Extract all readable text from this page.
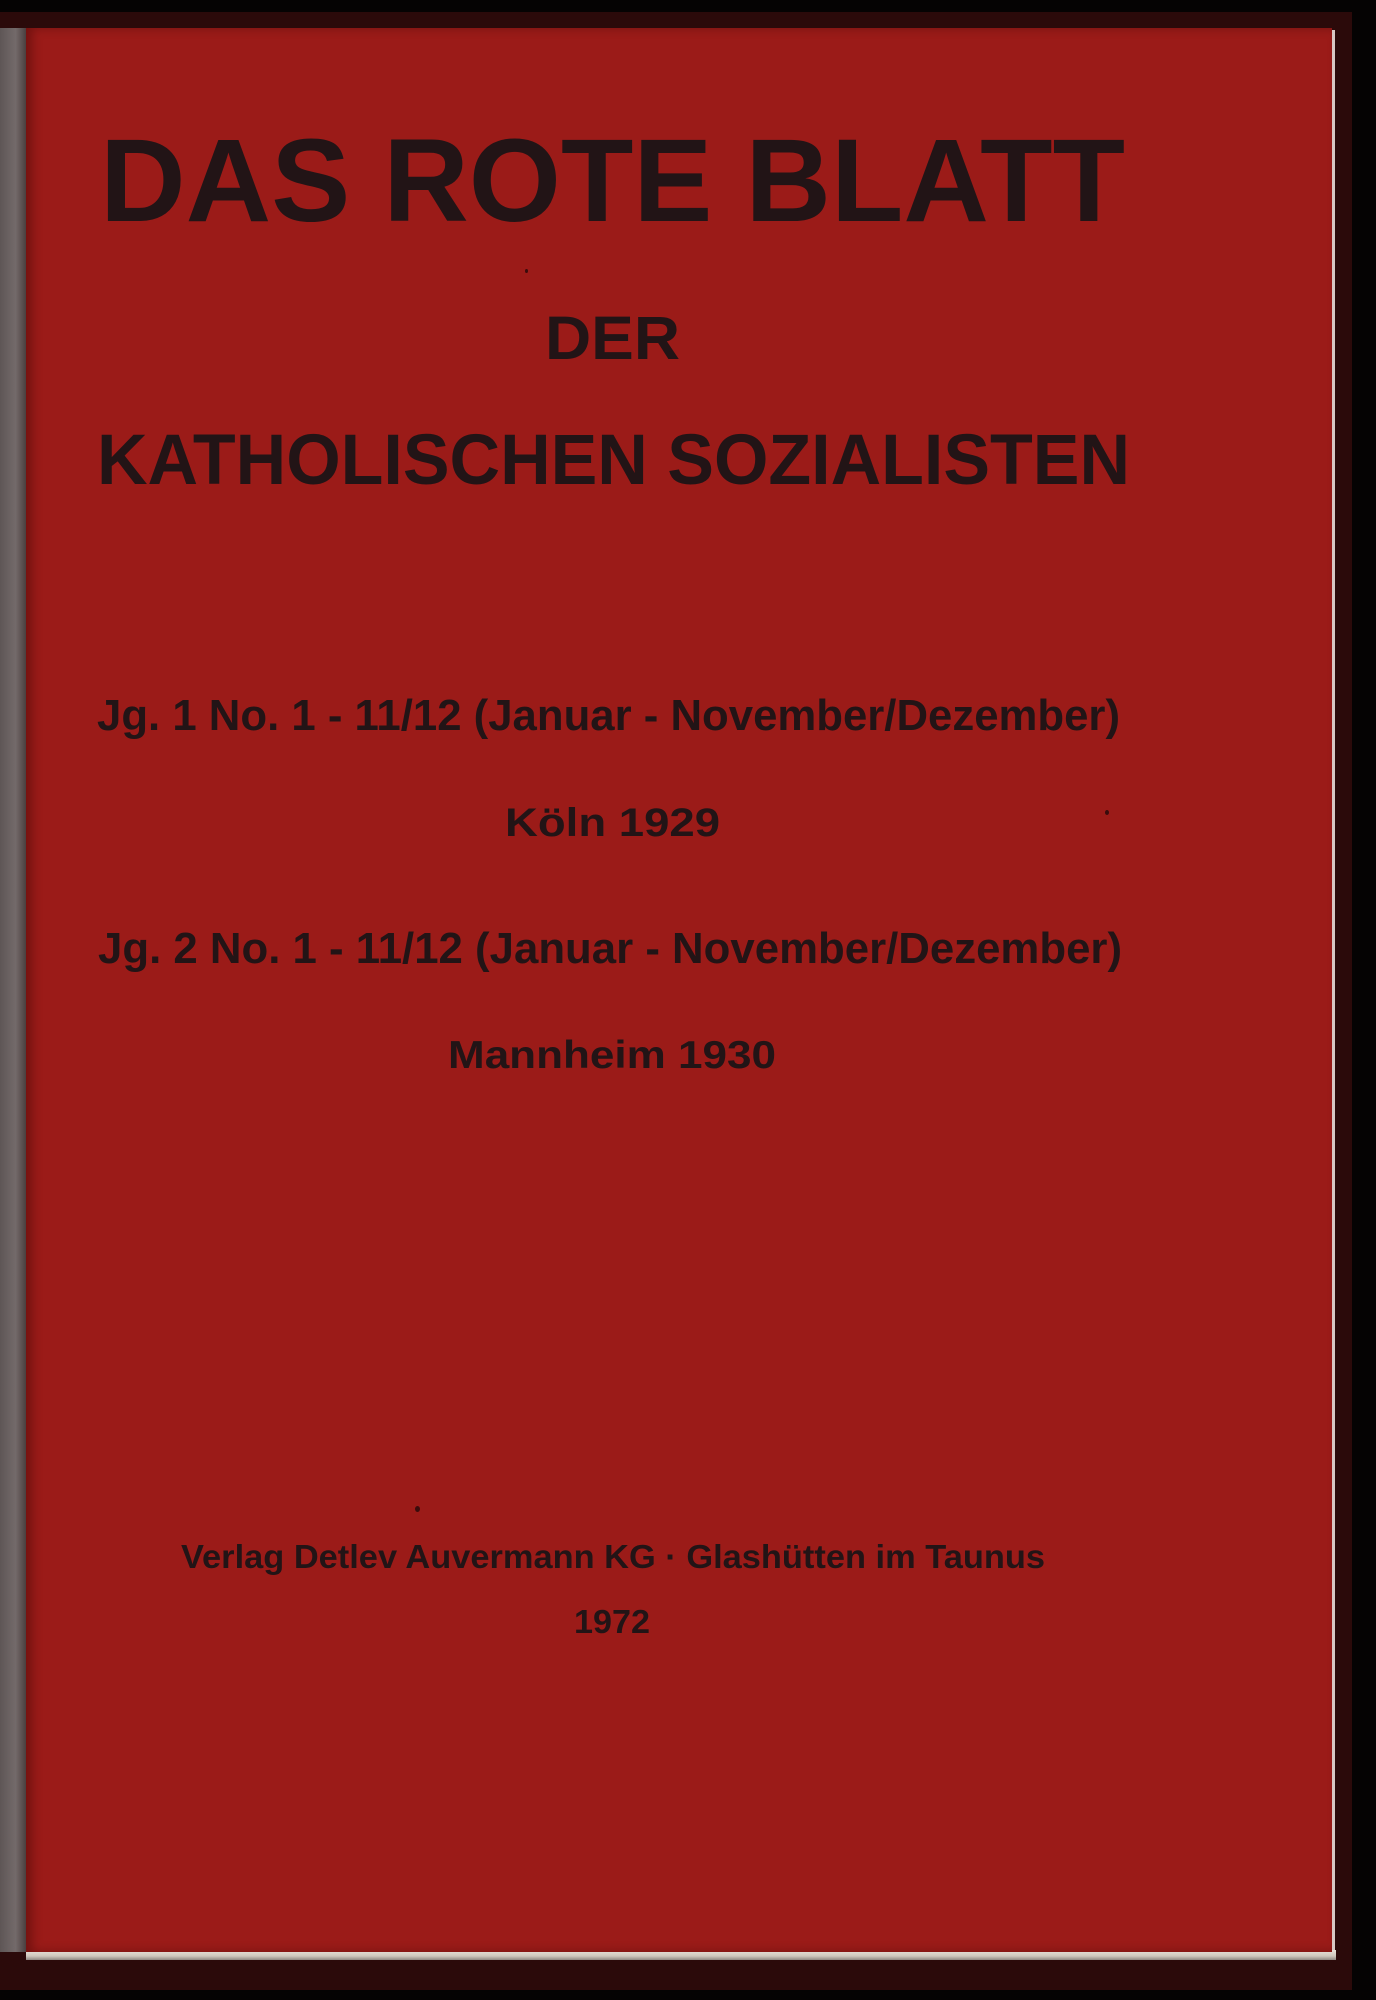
DAS ROTE BLATT
DER
KATHOLISCHEN SOZIALISTEN
Jg. 1 No. 1 - 11/12 (Januar - November/Dezember)
Köln 1929
Jg. 2 No. 1 - 11/12 (Januar - November/Dezember)
Mannheim 1930
Verlag Detlev Auvermann KG · Glashütten im Taunus
1972
